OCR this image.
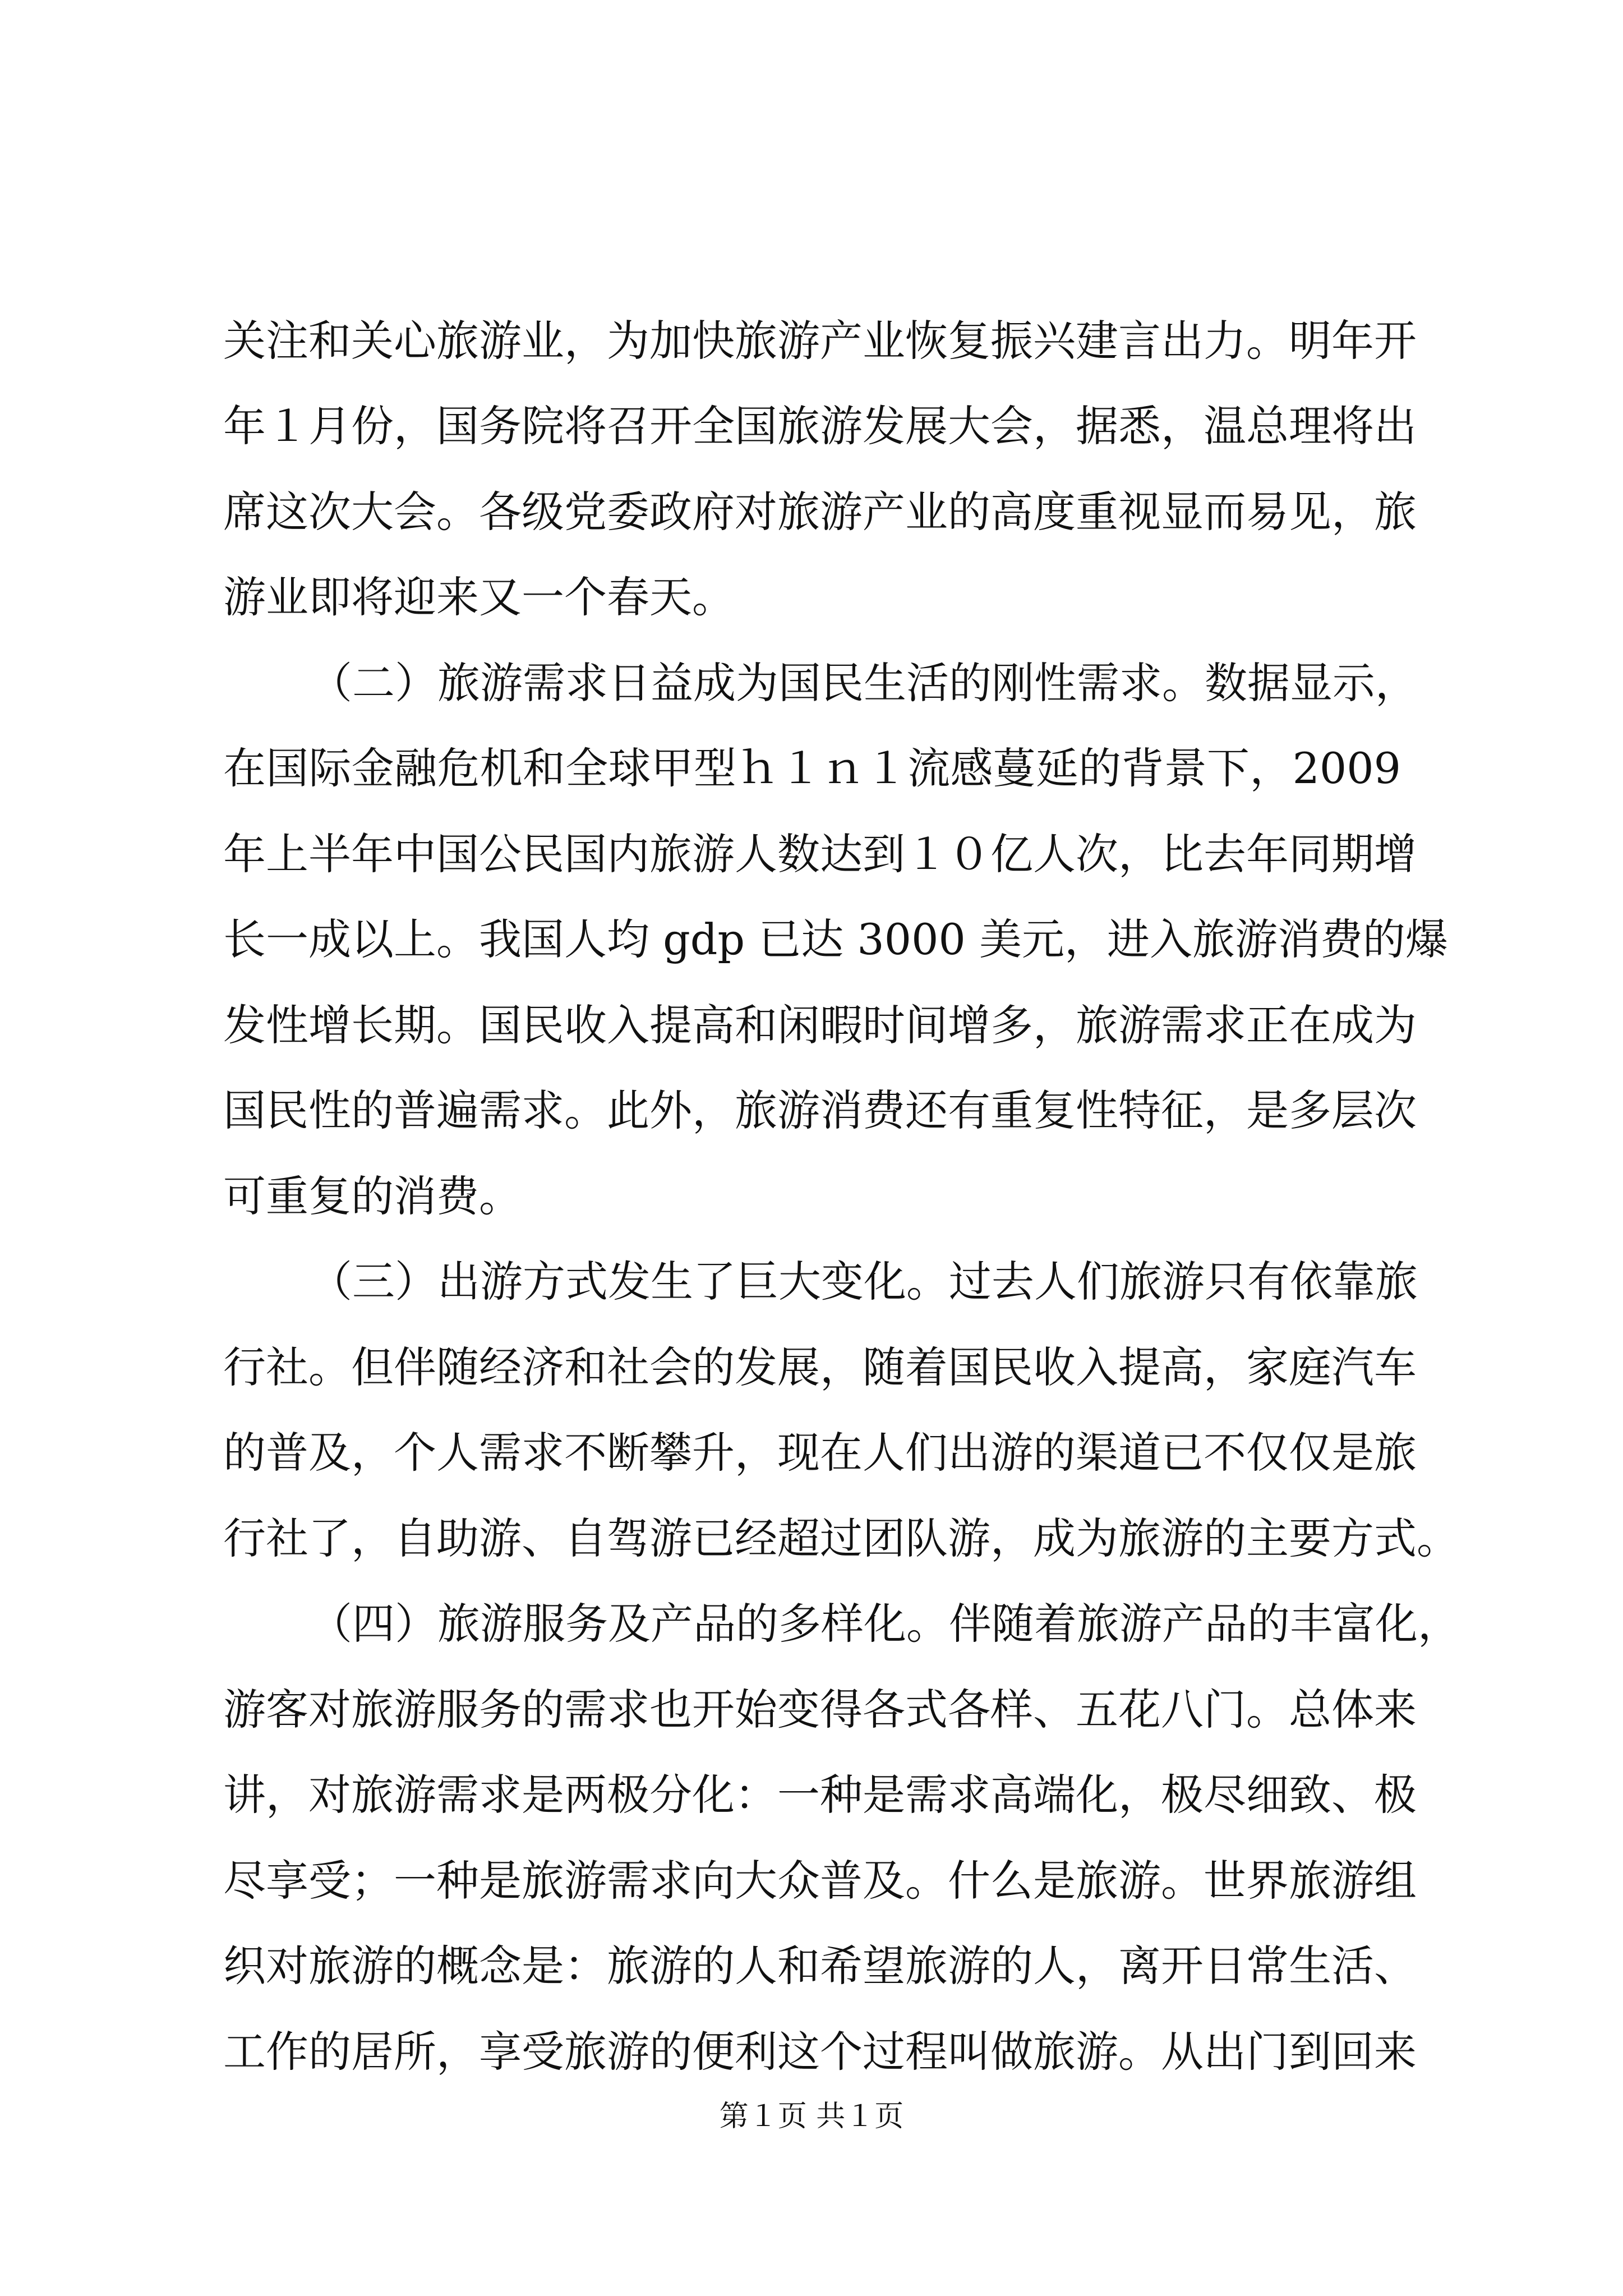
关注和关心旅游业，为加快旅游产业恢复振兴建言出力。明年开
年１月份，国务院将召开全国旅游发展大会，据悉，温总理将出
席这次大会。各级党委政府对旅游产业的高度重视显而易见，旅
游业即将迎来又一个春天。
（二）旅游需求日益成为国民生活的刚性需求。数据显示，
在国际金融危机和全球甲型ｈ１ｎ１流感蔓延的背景下，2009
年上半年中国公民国内旅游人数达到１０亿人次，比去年同期增
长一成以上。我国人均 gdp 已达 3000 美元，进入旅游消费的爆
发性增长期。国民收入提高和闲暇时间增多，旅游需求正在成为
国民性的普遍需求。此外，旅游消费还有重复性特征，是多层次
可重复的消费。
（三）出游方式发生了巨大变化。过去人们旅游只有依靠旅
行社。但伴随经济和社会的发展，随着国民收入提高，家庭汽车
的普及，个人需求不断攀升，现在人们出游的渠道已不仅仅是旅
行社了，自助游、自驾游已经超过团队游，成为旅游的主要方式。
（四）旅游服务及产品的多样化。伴随着旅游产品的丰富化，
游客对旅游服务的需求也开始变得各式各样、五花八门。总体来
讲，对旅游需求是两极分化：一种是需求高端化，极尽细致、极
尽享受；一种是旅游需求向大众普及。什么是旅游。世界旅游组
织对旅游的概念是：旅游的人和希望旅游的人，离开日常生活、
工作的居所，享受旅游的便利这个过程叫做旅游。从出门到回来
第１页 共１页
